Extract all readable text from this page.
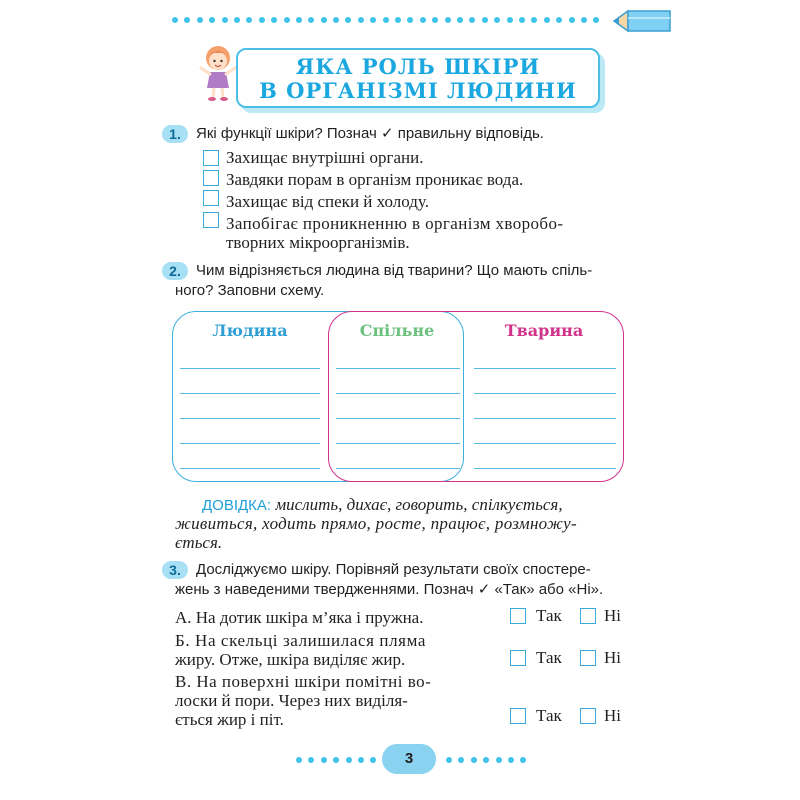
ЯКА РОЛЬ ШКІРИ
В ОРГАНІЗМІ ЛЮДИНИ
1.	Які функції шкіри? Познач ✓ правильну відповідь.
Захищає внутрішні органи.
Завдяки порам в організм проникає вода.
Захищає від спеки й холоду.
Запобігає проникненню в організм хворобо-
творних мікроорганізмів.
2.	Чим відрізняється людина від тварини? Що мають спіль-
ного? Заповни схему.
Людина	Спільне	Тварина
ДОВІДКА: мислить, дихає, говорить, спілкується,
живиться, ходить прямо, росте, працює, розмножу-
ється.
3.	Досліджуємо шкіру. Порівняй результати своїх спостере-
жень з наведеними твердженнями. Познач ✓ «Так» або «Ні».
А. На дотик шкіра м’яка і пружна.
Б. На скельці залишилася пляма
жиру. Отже, шкіра виділяє жир.
В. На поверхні шкіри помітні во-
лоски й пори. Через них виділя-
ється жир і піт.
Так Ні
Так Ні
Так Ні
3
